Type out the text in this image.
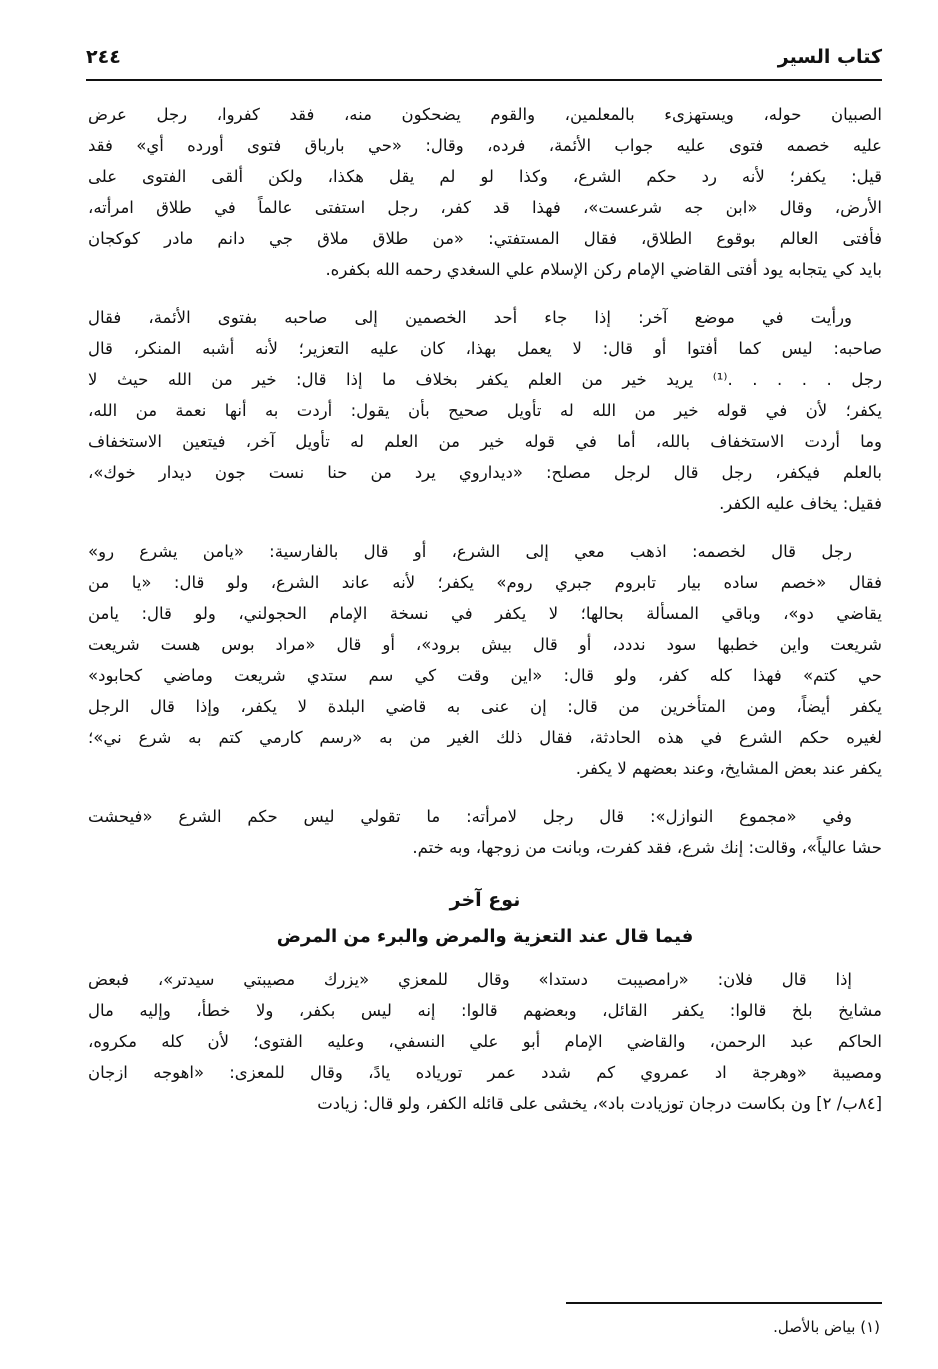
كتاب السير
٢٤٤
الصبيان حوله، ويستهزىء بالمعلمين، والقوم يضحكون منه، فقد كفروا، رجل عرض
عليه خصمه فتوى عليه جواب الأئمة، فرده، وقال: «حي بارباق فتوى أورده أي» فقد
قيل: يكفر؛ لأنه رد حكم الشرع، وكذا لو لم يقل هكذا، ولكن ألقى الفتوى على
الأرض، وقال «ابن جه شرعست»، فهذا قد كفر، رجل استفتى عالماً في طلاق امرأته،
فأفتى العالم بوقوع الطلاق، فقال المستفتي: «من طلاق ملاق جي دانم مادر كوكجان
بايد كي يتجابه يود أفتى القاضي الإمام ركن الإسلام علي السغدي رحمه الله بكفره.
ورأيت في موضع آخر: إذا جاء أحد الخصمين إلى صاحبه بفتوى الأئمة، فقال
صاحبه: ليس كما أفتوا أو قال: لا يعمل بهذا، كان عليه التعزير؛ لأنه أشبه المنكر، قال
رجل . . . . .⁽¹⁾ يريد خير من العلم يكفر بخلاف ما إذا قال: خير من الله حيث لا
يكفر؛ لأن في قوله خير من الله له تأويل صحيح بأن يقول: أردت به أنها نعمة من الله،
وما أردت الاستخفاف بالله، أما في قوله خير من العلم له تأويل آخر، فيتعين الاستخفاف
بالعلم فيكفر، رجل قال لرجل مصلح: «ديداروي يرد من حنا نست جون ديدار خوك»،
فقيل: يخاف عليه الكفر.
رجل قال لخصمه: اذهب معي إلى الشرع، أو قال بالفارسية: «يامن يشرع رو»
فقال «خصم ساده بيار تابروم جبري روم» يكفر؛ لأنه عاند الشرع، ولو قال: «يا من
يقاضي دو»، وباقي المسألة بحالها؛ لا يكفر في نسخة الإمام الحجولني، ولو قال: يامن
شريعت واين خطبها سود نددد، أو قال بيش برود»، أو قال «مراد بوس هست شريعت
حي كتم» فهذا كله كفر، ولو قال: «اين وقت كي سم ستدي شريعت وماضي كحابود»
يكفر أيضاً، ومن المتأخرين من قال: إن عنى به قاضي البلدة لا يكفر، وإذا قال الرجل
لغيره حكم الشرع في هذه الحادثة، فقال ذلك الغير من به «رسم كارمي كتم به شرع ني»؛
يكفر عند بعض المشايخ، وعند بعضهم لا يكفر.
وفي «مجموع النوازل»: قال رجل لامرأته: ما تقولي ليس حكم الشرع «فيحشت
حشا عالياً»، وقالت: إنك شرع، فقد كفرت، وبانت من زوجها، وبه ختم.
نوع آخر
فيما قال عند التعزية والمرض والبرء من المرض
إذا قال فلان: «رامصيبت دستدا» وقال للمعزي «يزرك مصيبتي سيدتر»، فبعض
مشايخ بلخ قالوا: يكفر القائل، وبعضهم قالوا: إنه ليس بكفر، ولا خطأ، وإليه مال
الحاكم عبد الرحمن، والقاضي الإمام أبو علي النسفي، وعليه الفتوى؛ لأن كله مكروه،
ومصيبة «وهرجة اد عمروي كم شدد عمر تورياده يادً، وقال للمعزى: «اهوجه ازجان
[٨٤ب/ ٢] ون بكاست درجان توزيادت باد»، يخشى على قائله الكفر، ولو قال: زيادت
(١) بياض بالأصل.
